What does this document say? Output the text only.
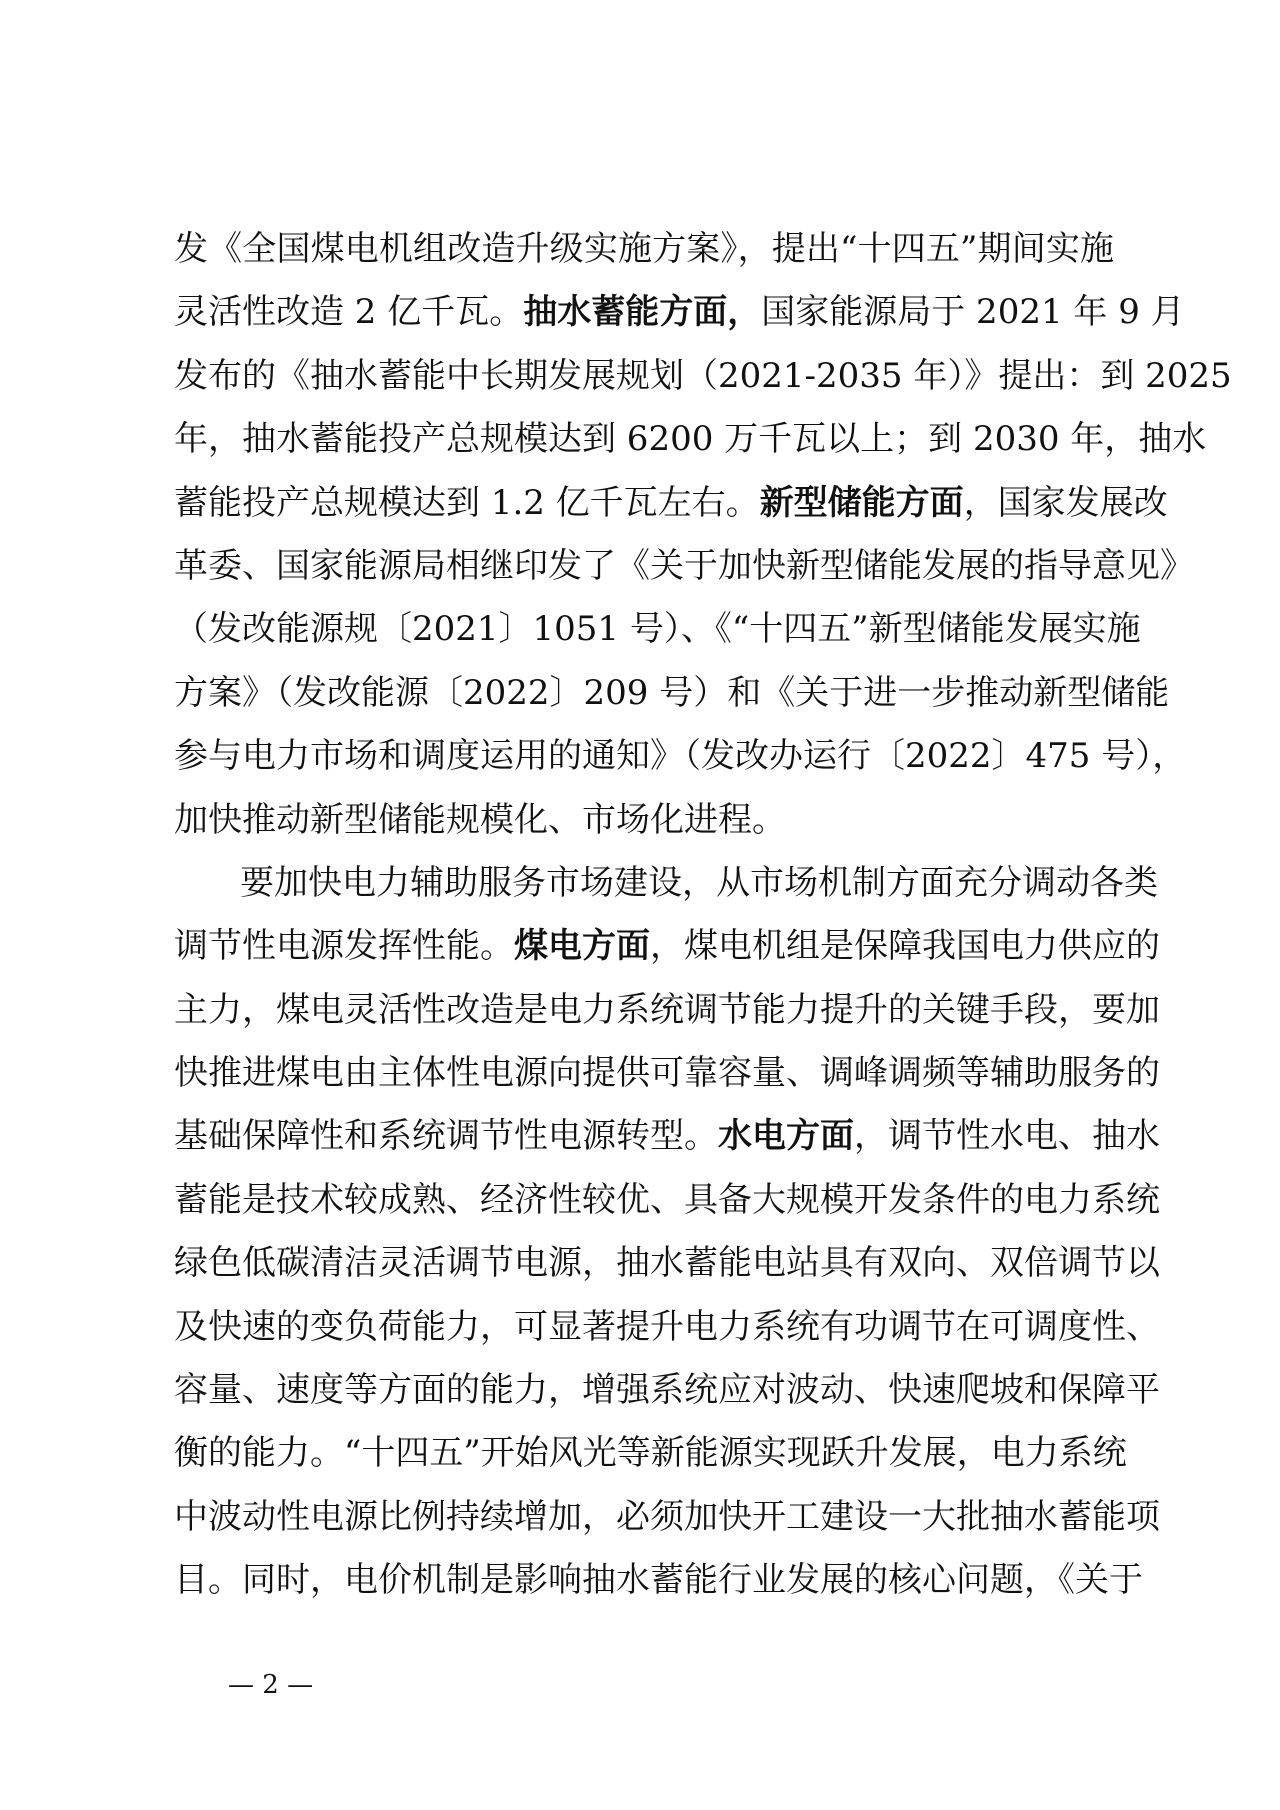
发《全国煤电机组改造升级实施方案》，提出“十四五”期间实施
灵活性改造 2 亿千瓦。抽水蓄能方面，国家能源局于 2021 年 9 月
发布的《抽水蓄能中长期发展规划（2021-2035 年）》提出：到 2025
年，抽水蓄能投产总规模达到 6200 万千瓦以上；到 2030 年，抽水
蓄能投产总规模达到 1.2 亿千瓦左右。新型储能方面，国家发展改
革委、国家能源局相继印发了《关于加快新型储能发展的指导意见》
（发改能源规〔2021〕1051 号）、《“十四五”新型储能发展实施
方案》（发改能源〔2022〕209 号）和《关于进一步推动新型储能
参与电力市场和调度运用的通知》（发改办运行〔2022〕475 号），
加快推动新型储能规模化、市场化进程。
要加快电力辅助服务市场建设，从市场机制方面充分调动各类
调节性电源发挥性能。煤电方面，煤电机组是保障我国电力供应的
主力，煤电灵活性改造是电力系统调节能力提升的关键手段，要加
快推进煤电由主体性电源向提供可靠容量、调峰调频等辅助服务的
基础保障性和系统调节性电源转型。水电方面，调节性水电、抽水
蓄能是技术较成熟、经济性较优、具备大规模开发条件的电力系统
绿色低碳清洁灵活调节电源，抽水蓄能电站具有双向、双倍调节以
及快速的变负荷能力，可显著提升电力系统有功调节在可调度性、
容量、速度等方面的能力，增强系统应对波动、快速爬坡和保障平
衡的能力。“十四五”开始风光等新能源实现跃升发展，电力系统
中波动性电源比例持续增加，必须加快开工建设一大批抽水蓄能项
目。同时，电价机制是影响抽水蓄能行业发展的核心问题，《关于
— 2 —
